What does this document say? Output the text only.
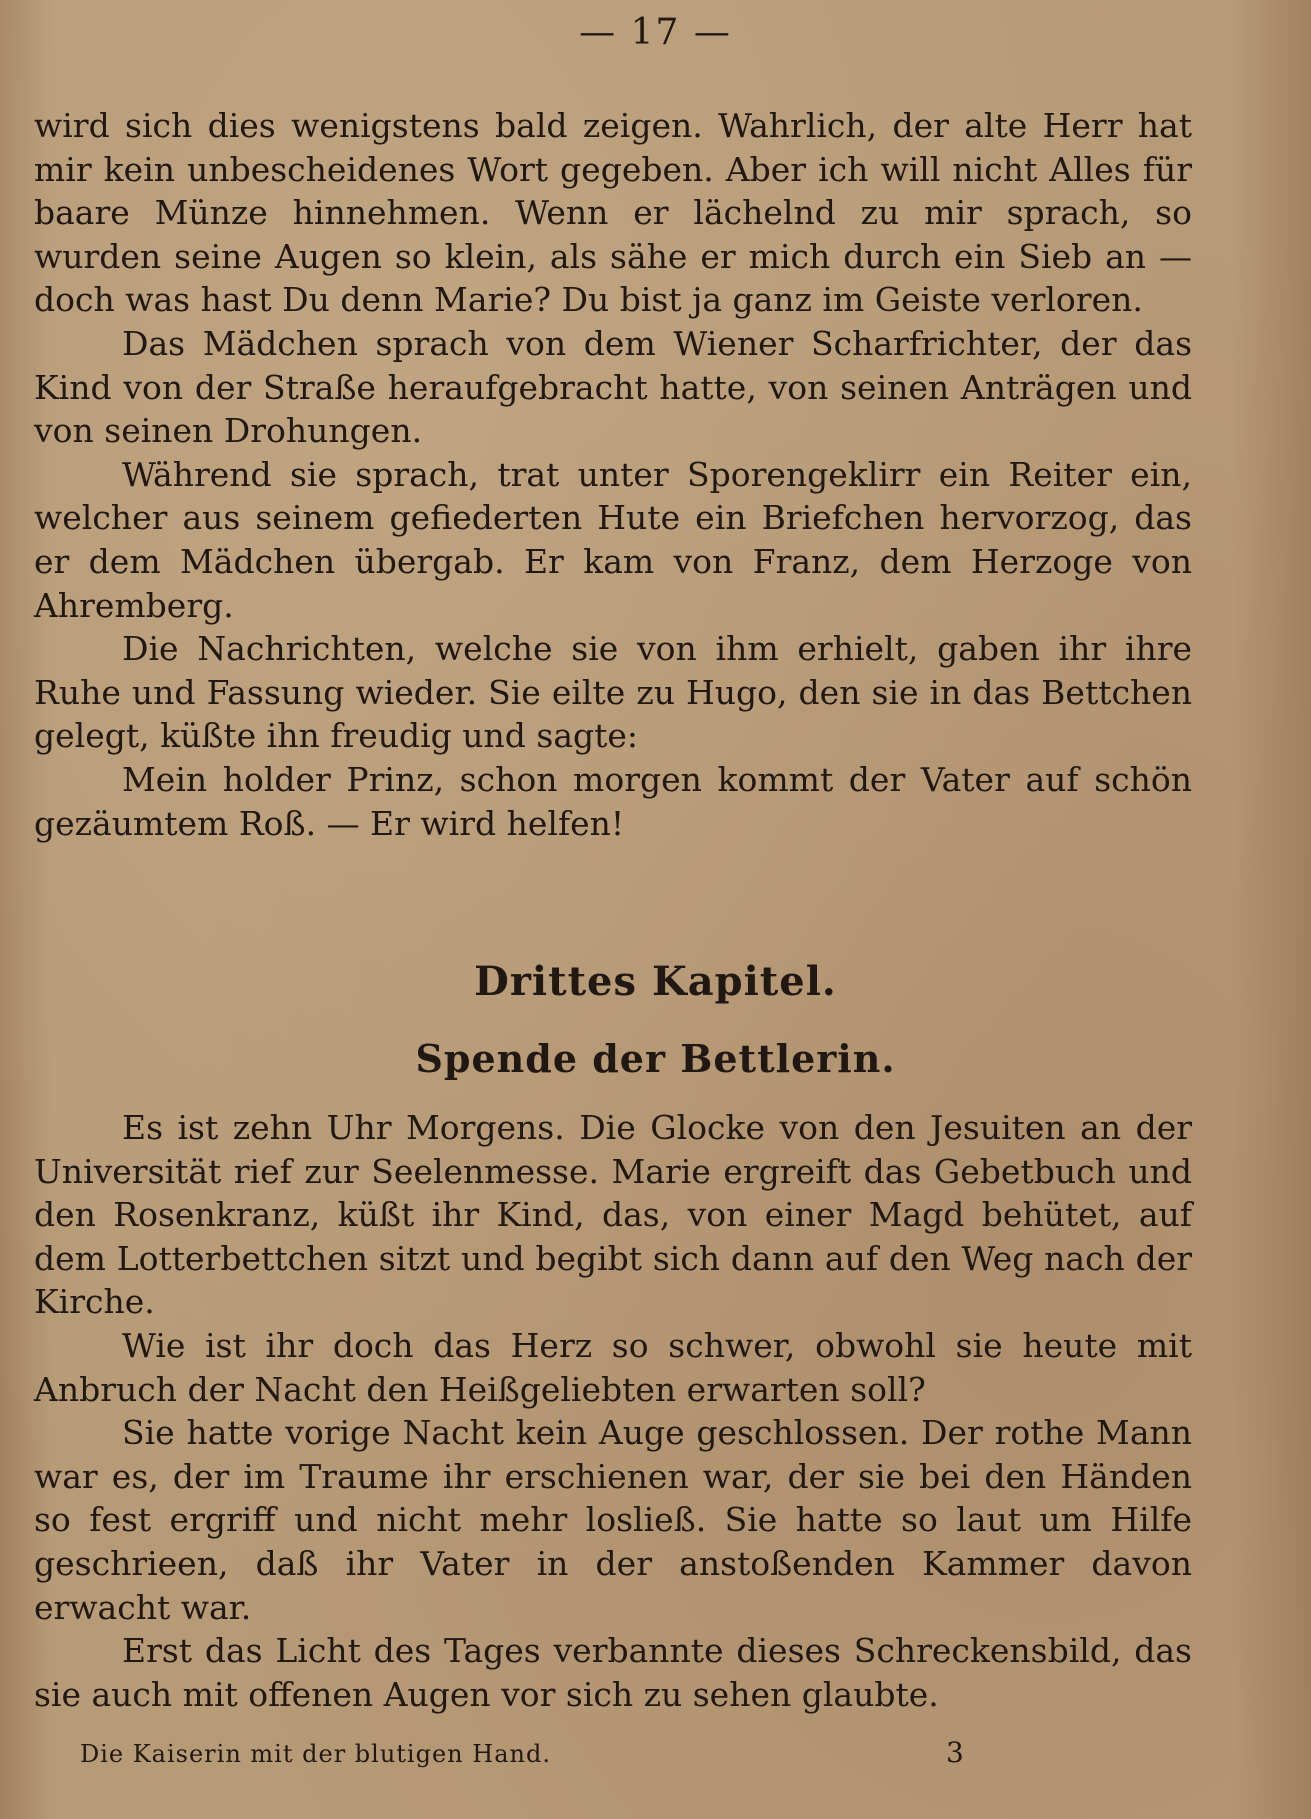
— 17 —

wird sich dies wenigstens bald zeigen. Wahrlich, der alte Herr hat mir kein unbescheidenes Wort gegeben. Aber ich will nicht Alles für baare Münze hinnehmen. Wenn er lächelnd zu mir sprach, so wurden seine Augen so klein, als sähe er mich durch ein Sieb an — doch was hast Du denn Marie? Du bist ja ganz im Geiste verloren.

Das Mädchen sprach von dem Wiener Scharfrichter, der das Kind von der Straße heraufgebracht hatte, von seinen Anträgen und von seinen Drohungen.

Während sie sprach, trat unter Sporengeklirr ein Reiter ein, welcher aus seinem gefiederten Hute ein Briefchen hervorzog, das er dem Mädchen übergab. Er kam von Franz, dem Herzoge von Ahremberg.

Die Nachrichten, welche sie von ihm erhielt, gaben ihr ihre Ruhe und Fassung wieder. Sie eilte zu Hugo, den sie in das Bettchen gelegt, küßte ihn freudig und sagte:

Mein holder Prinz, schon morgen kommt der Vater auf schön gezäumtem Roß. — Er wird helfen!

Drittes Kapitel.
Spende der Bettlerin.

Es ist zehn Uhr Morgens. Die Glocke von den Jesuiten an der Universität rief zur Seelenmesse. Marie ergreift das Gebetbuch und den Rosenkranz, küßt ihr Kind, das, von einer Magd behütet, auf dem Lotterbettchen sitzt und begibt sich dann auf den Weg nach der Kirche.

Wie ist ihr doch das Herz so schwer, obwohl sie heute mit Anbruch der Nacht den Heißgeliebten erwarten soll?

Sie hatte vorige Nacht kein Auge geschlossen. Der rothe Mann war es, der im Traume ihr erschienen war, der sie bei den Händen so fest ergriff und nicht mehr losließ. Sie hatte so laut um Hilfe geschrieen, daß ihr Vater in der anstoßenden Kammer davon erwacht war.

Erst das Licht des Tages verbannte dieses Schreckensbild, das sie auch mit offenen Augen vor sich zu sehen glaubte.

Die Kaiserin mit der blutigen Hand.	3
